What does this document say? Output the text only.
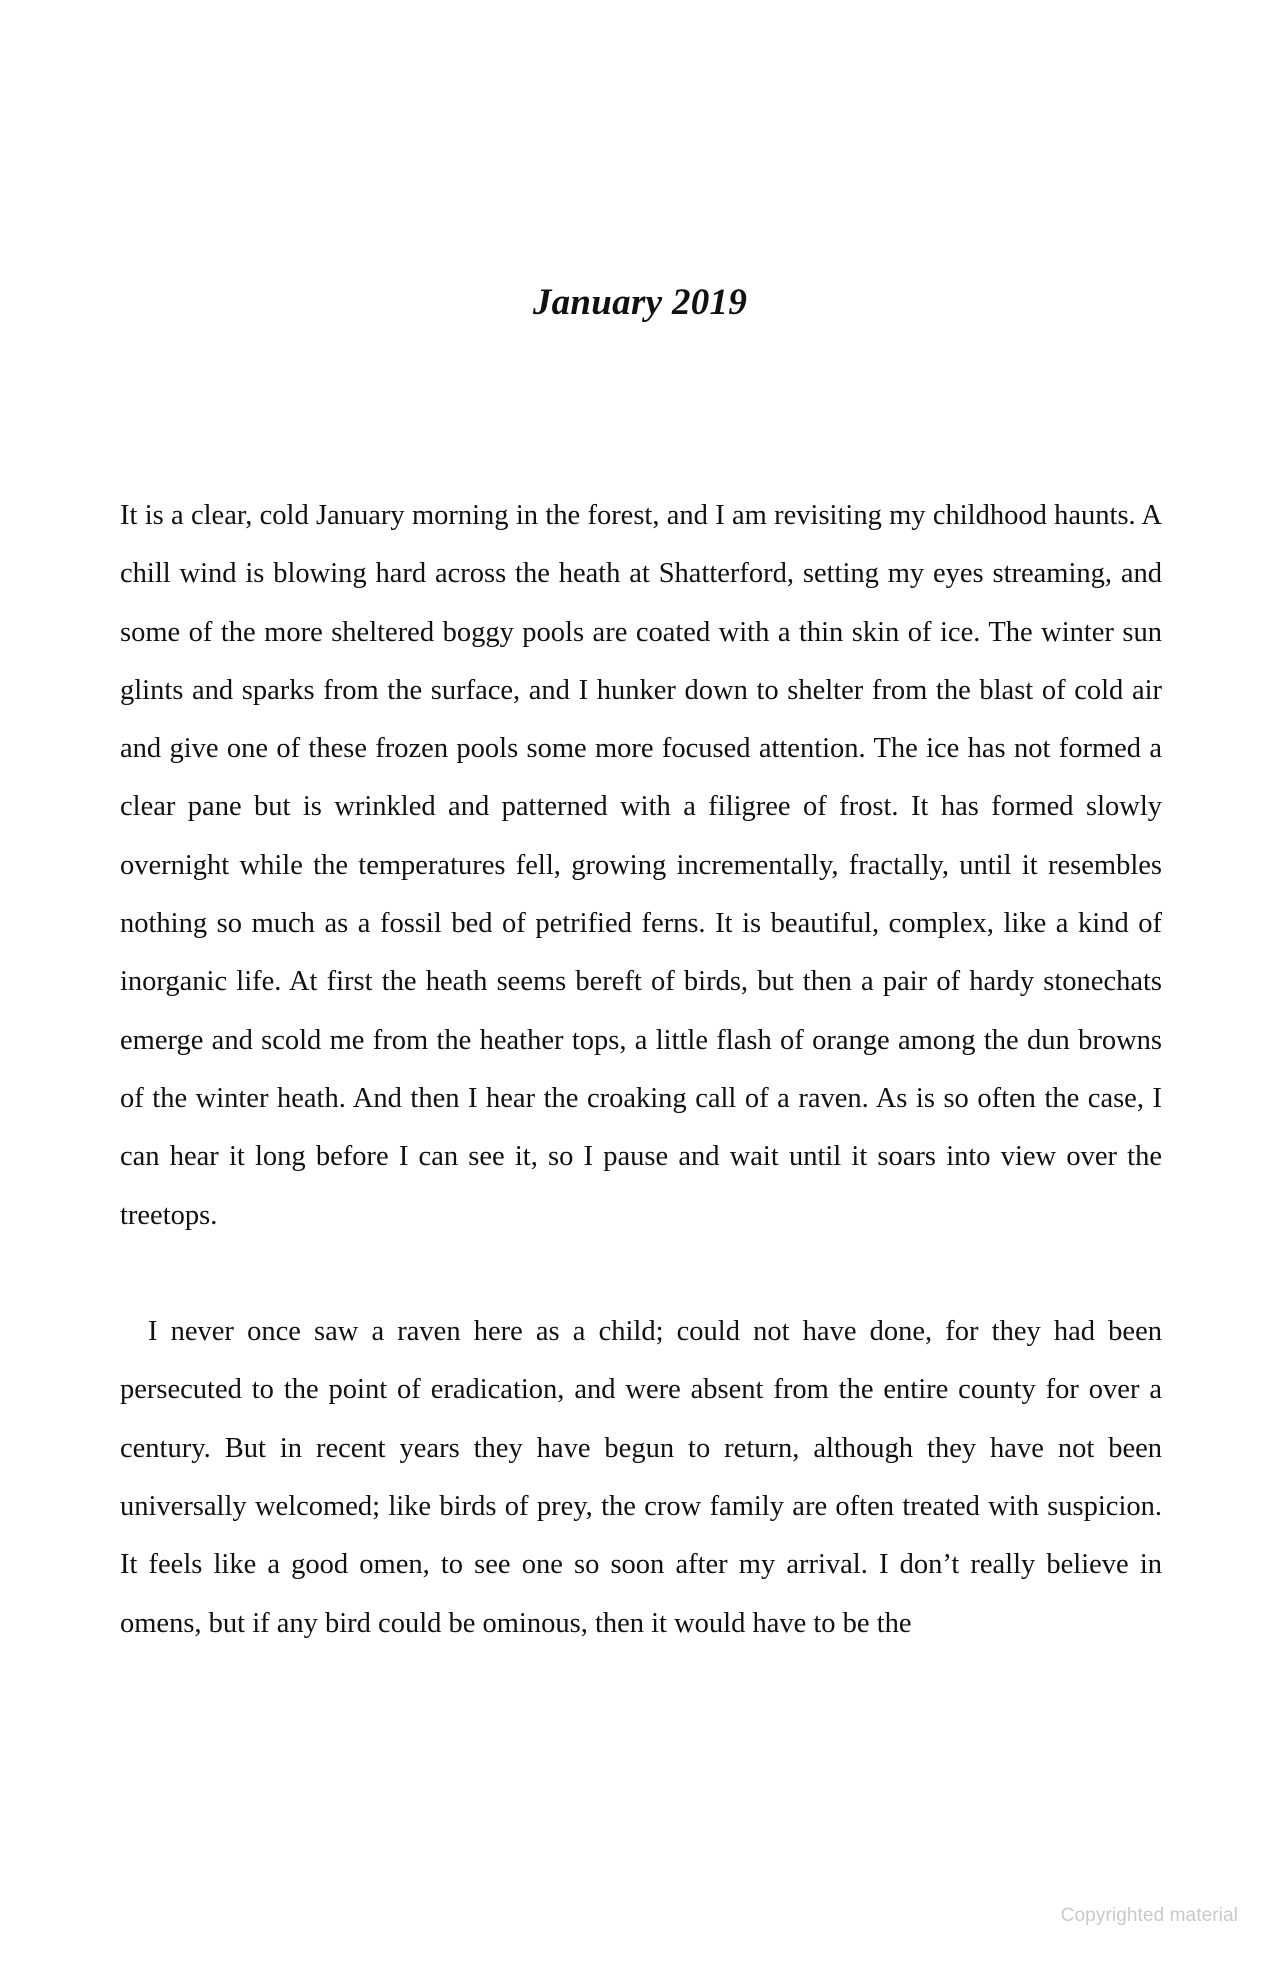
January 2019

It is a clear, cold January morning in the forest, and I am revisiting my childhood haunts. A chill wind is blowing hard across the heath at Shatterford, setting my eyes streaming, and some of the more sheltered boggy pools are coated with a thin skin of ice. The winter sun glints and sparks from the surface, and I hunker down to shelter from the blast of cold air and give one of these frozen pools some more focused attention. The ice has not formed a clear pane but is wrinkled and patterned with a filigree of frost. It has formed slowly overnight while the temperatures fell, growing incrementally, fractally, until it resembles nothing so much as a fossil bed of petrified ferns. It is beautiful, complex, like a kind of inorganic life. At first the heath seems bereft of birds, but then a pair of hardy stonechats emerge and scold me from the heather tops, a little flash of orange among the dun browns of the winter heath. And then I hear the croaking call of a raven. As is so often the case, I can hear it long before I can see it, so I pause and wait until it soars into view over the treetops.

I never once saw a raven here as a child; could not have done, for they had been persecuted to the point of eradication, and were absent from the entire county for over a century. But in recent years they have begun to return, although they have not been universally welcomed; like birds of prey, the crow family are often treated with suspicion. It feels like a good omen, to see one so soon after my arrival. I don’t really believe in omens, but if any bird could be ominous, then it would have to be the

Copyrighted material
